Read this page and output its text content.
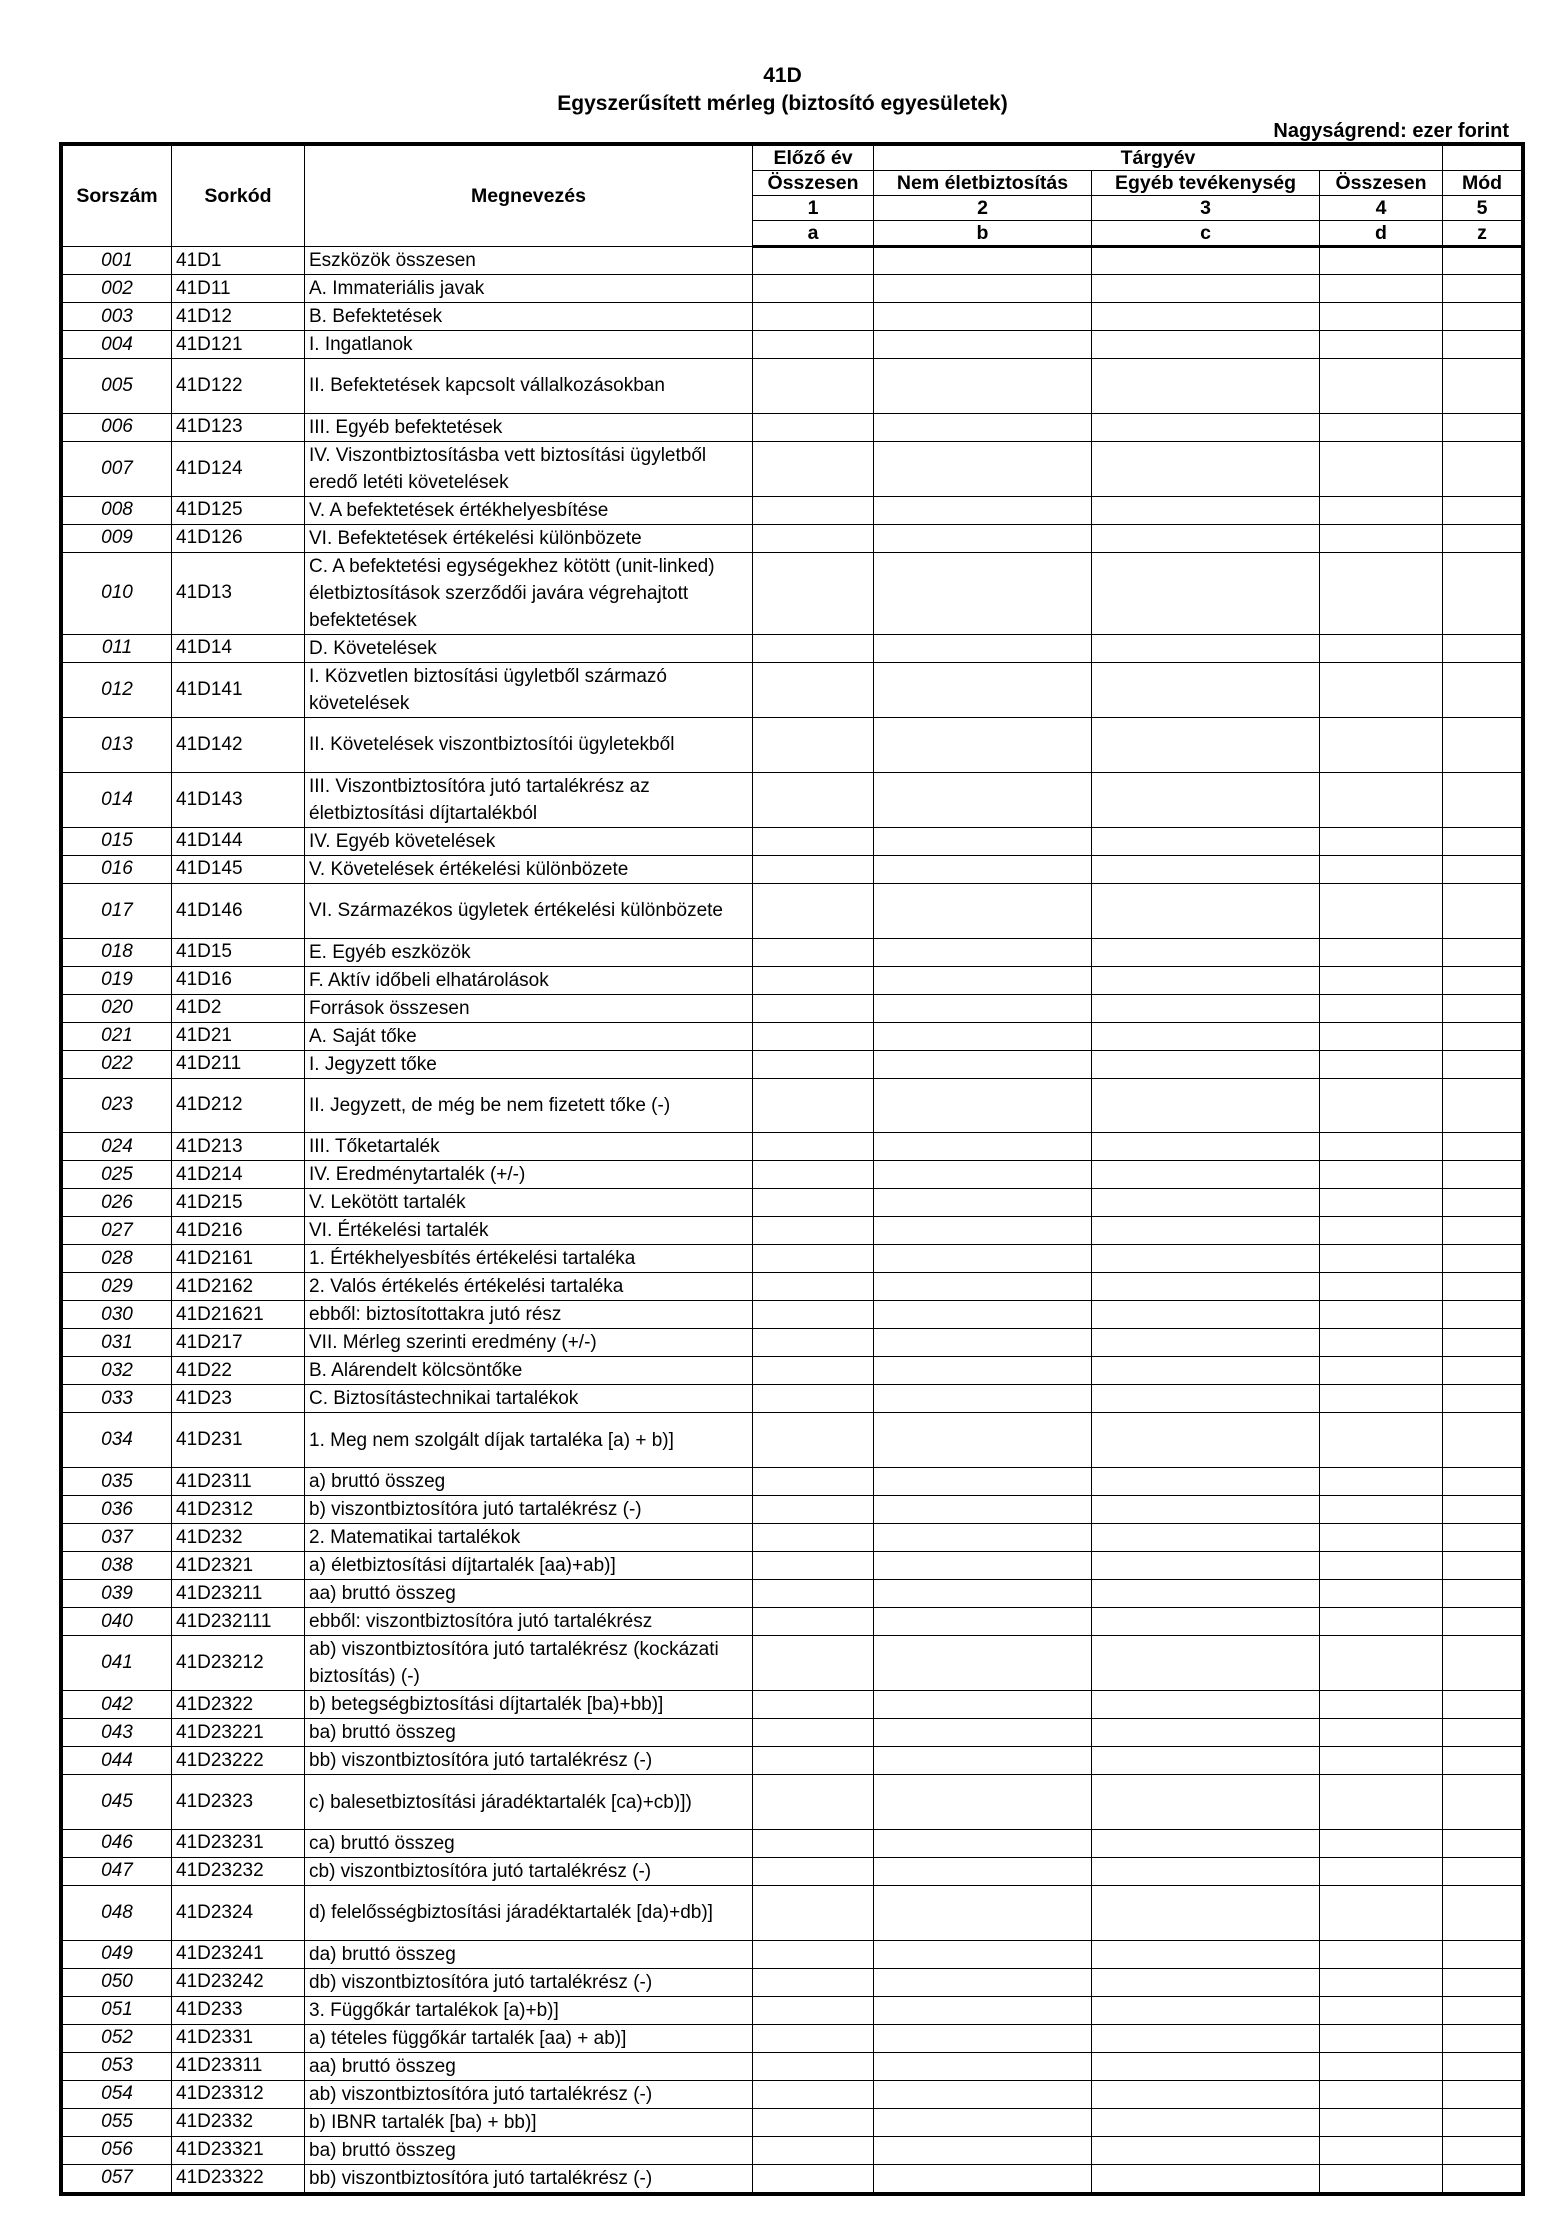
41D
Egyszerűsített mérleg (biztosító egyesületek)
Nagyságrend: ezer forint
Sorszám	Sorkód	Megnevezés	Előző év	Tárgyév			
			Összesen	Nem életbiztosítás	Egyéb tevékenység	Összesen	Mód
			1	2	3	4	5
			a	b	c	d	z
001	41D1	Eszközök összesen					
002	41D11	A. Immateriális javak					
003	41D12	B. Befektetések					
004	41D121	I. Ingatlanok					
005	41D122	II. Befektetések kapcsolt vállalkozásokban					
006	41D123	III. Egyéb befektetések					
007	41D124	IV. Viszontbiztosításba vett biztosítási ügyletből eredő letéti követelések					
008	41D125	V. A befektetések értékhelyesbítése					
009	41D126	VI. Befektetések értékelési különbözete					
010	41D13	C. A befektetési egységekhez kötött (unit-linked) életbiztosítások szerződői javára végrehajtott befektetések					
011	41D14	D. Követelések					
012	41D141	I. Közvetlen biztosítási ügyletből származó követelések					
013	41D142	II. Követelések viszontbiztosítói ügyletekből					
014	41D143	III. Viszontbiztosítóra jutó tartalékrész az életbiztosítási díjtartalékból					
015	41D144	IV. Egyéb követelések					
016	41D145	V. Követelések értékelési különbözete					
017	41D146	VI. Származékos ügyletek értékelési különbözete					
018	41D15	E. Egyéb eszközök					
019	41D16	F. Aktív időbeli elhatárolások					
020	41D2	Források összesen					
021	41D21	A. Saját tőke					
022	41D211	I. Jegyzett tőke					
023	41D212	II. Jegyzett, de még be nem fizetett tőke (-)					
024	41D213	III. Tőketartalék					
025	41D214	IV. Eredménytartalék (+/-)					
026	41D215	V. Lekötött tartalék					
027	41D216	VI. Értékelési tartalék					
028	41D2161	1. Értékhelyesbítés értékelési tartaléka					
029	41D2162	2. Valós értékelés értékelési tartaléka					
030	41D21621	ebből: biztosítottakra jutó rész					
031	41D217	VII. Mérleg szerinti eredmény (+/-)					
032	41D22	B. Alárendelt kölcsöntőke					
033	41D23	C. Biztosítástechnikai tartalékok					
034	41D231	1. Meg nem szolgált díjak tartaléka [a) + b)]					
035	41D2311	a) bruttó összeg					
036	41D2312	b) viszontbiztosítóra jutó tartalékrész (-)					
037	41D232	2. Matematikai tartalékok					
038	41D2321	a) életbiztosítási díjtartalék [aa)+ab)]					
039	41D23211	aa) bruttó összeg					
040	41D232111	ebből: viszontbiztosítóra jutó tartalékrész					
041	41D23212	ab) viszontbiztosítóra jutó tartalékrész (kockázati biztosítás) (-)					
042	41D2322	b) betegségbiztosítási díjtartalék [ba)+bb)]					
043	41D23221	ba) bruttó összeg					
044	41D23222	bb) viszontbiztosítóra jutó tartalékrész (-)					
045	41D2323	c) balesetbiztosítási járadéktartalék [ca)+cb)])					
046	41D23231	ca) bruttó összeg					
047	41D23232	cb) viszontbiztosítóra jutó tartalékrész (-)					
048	41D2324	d) felelősségbiztosítási járadéktartalék [da)+db)]					
049	41D23241	da) bruttó összeg					
050	41D23242	db) viszontbiztosítóra jutó tartalékrész (-)					
051	41D233	3. Függőkár tartalékok [a)+b)]					
052	41D2331	a) tételes függőkár tartalék [aa) + ab)]					
053	41D23311	aa) bruttó összeg					
054	41D23312	ab) viszontbiztosítóra jutó tartalékrész (-)					
055	41D2332	b) IBNR tartalék [ba) + bb)]					
056	41D23321	ba) bruttó összeg					
057	41D23322	bb) viszontbiztosítóra jutó tartalékrész (-)					
